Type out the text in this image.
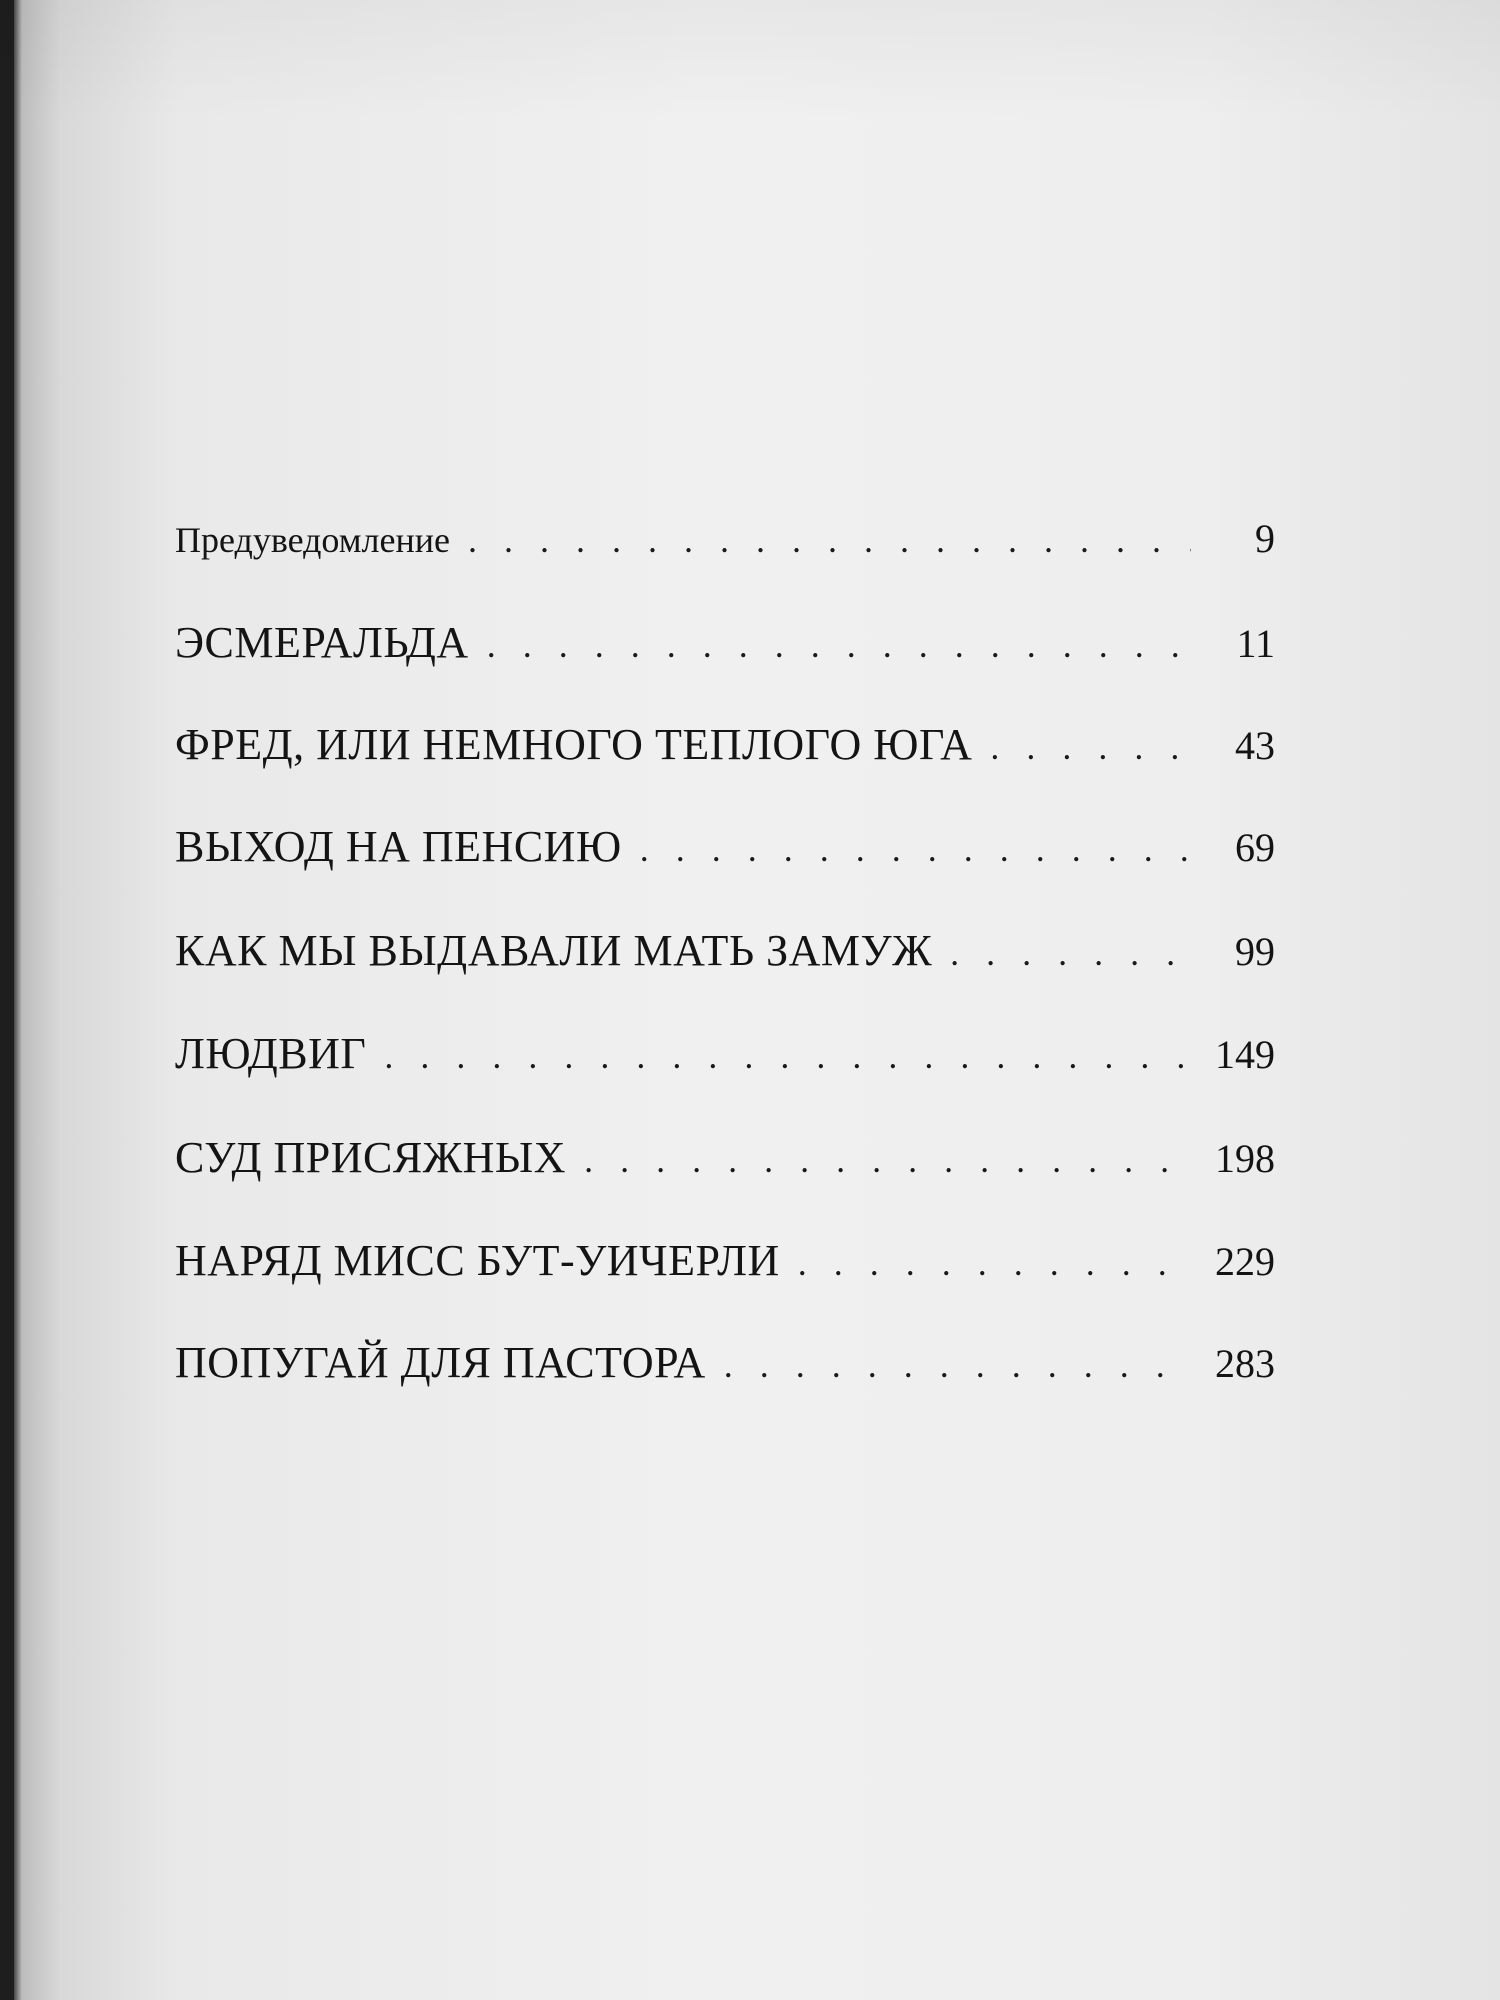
Предуведомление . . .	9
ЭСМЕРАЛЬДА . . .	11
ФРЕД, ИЛИ НЕМНОГО ТЕПЛОГО ЮГА . . .	43
ВЫХОД НА ПЕНСИЮ . . .	69
КАК МЫ ВЫДАВАЛИ МАТЬ ЗАМУЖ . . .	99
ЛЮДВИГ . . .	149
СУД ПРИСЯЖНЫХ . . .	198
НАРЯД МИСС БУТ-УИЧЕРЛИ . . .	229
ПОПУГАЙ ДЛЯ ПАСТОРА . . .	283
